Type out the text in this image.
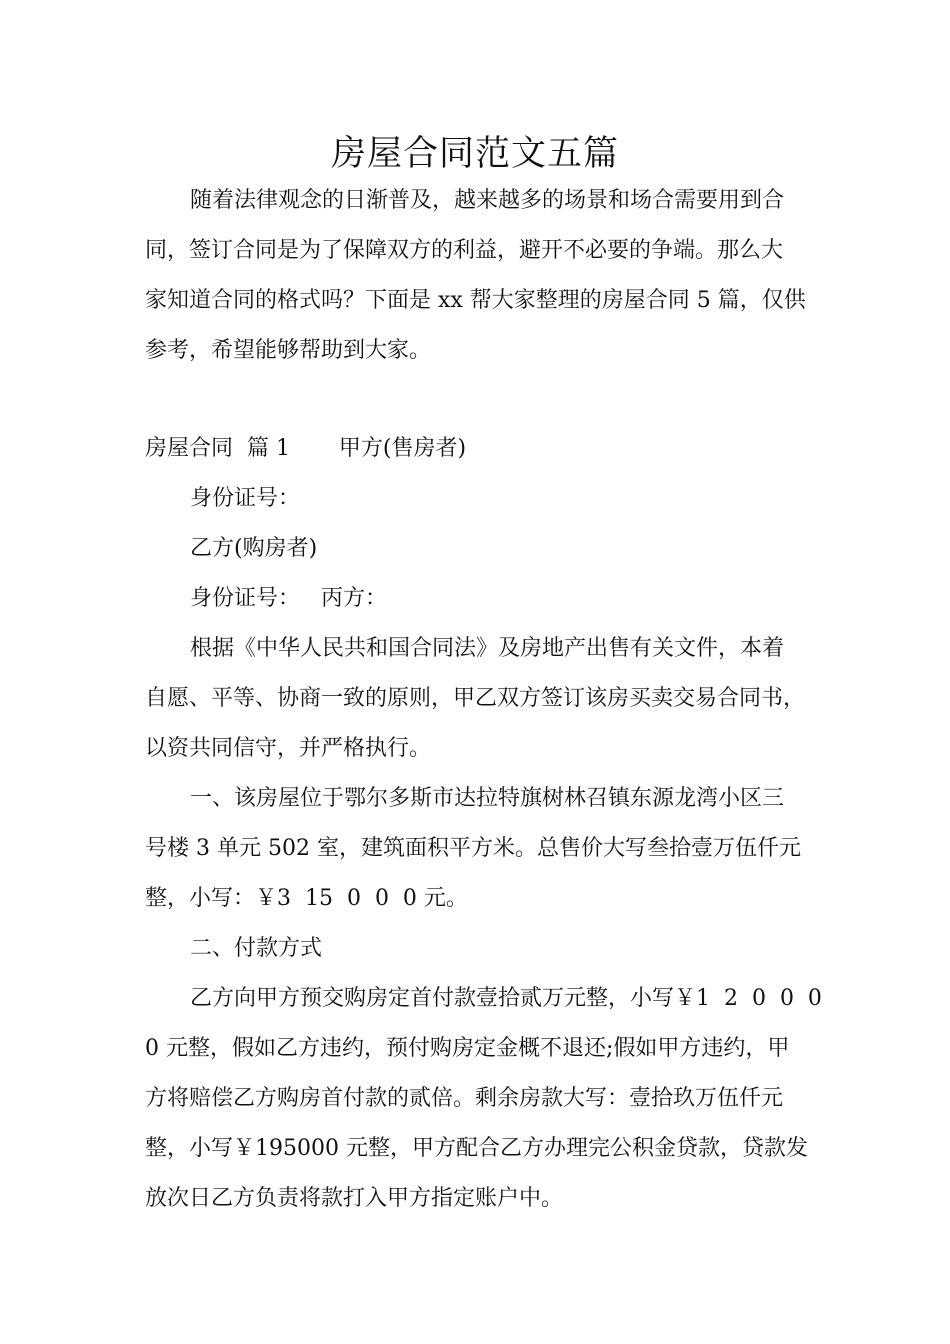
房屋合同范文五篇

随着法律观念的日渐普及，越来越多的场景和场合需要用到合

同，签订合同是为了保障双方的利益，避开不必要的争端。那么大

家知道合同的格式吗？下面是 xx 帮大家整理的房屋合同 5 篇，仅供

参考，希望能够帮助到大家。

房屋合同  篇 1       甲方(售房者)

身份证号：

乙方(购房者)

身份证号：   丙方：

根据《中华人民共和国合同法》及房地产出售有关文件，本着

自愿、平等、协商一致的原则，甲乙双方签订该房买卖交易合同书，

以资共同信守，并严格执行。

一、该房屋位于鄂尔多斯市达拉特旗树林召镇东源龙湾小区三

号楼 3 单元 502 室，建筑面积平方米。总售价大写叁拾壹万伍仟元

整，小写：￥3  15  0  0  0 元。

二、付款方式

乙方向甲方预交购房定首付款壹拾贰万元整，小写￥1  2  0  0  0

0 元整，假如乙方违约，预付购房定金概不退还;假如甲方违约，甲

方将赔偿乙方购房首付款的贰倍。剩余房款大写：壹拾玖万伍仟元

整，小写￥195000 元整，甲方配合乙方办理完公积金贷款，贷款发

放次日乙方负责将款打入甲方指定账户中。
